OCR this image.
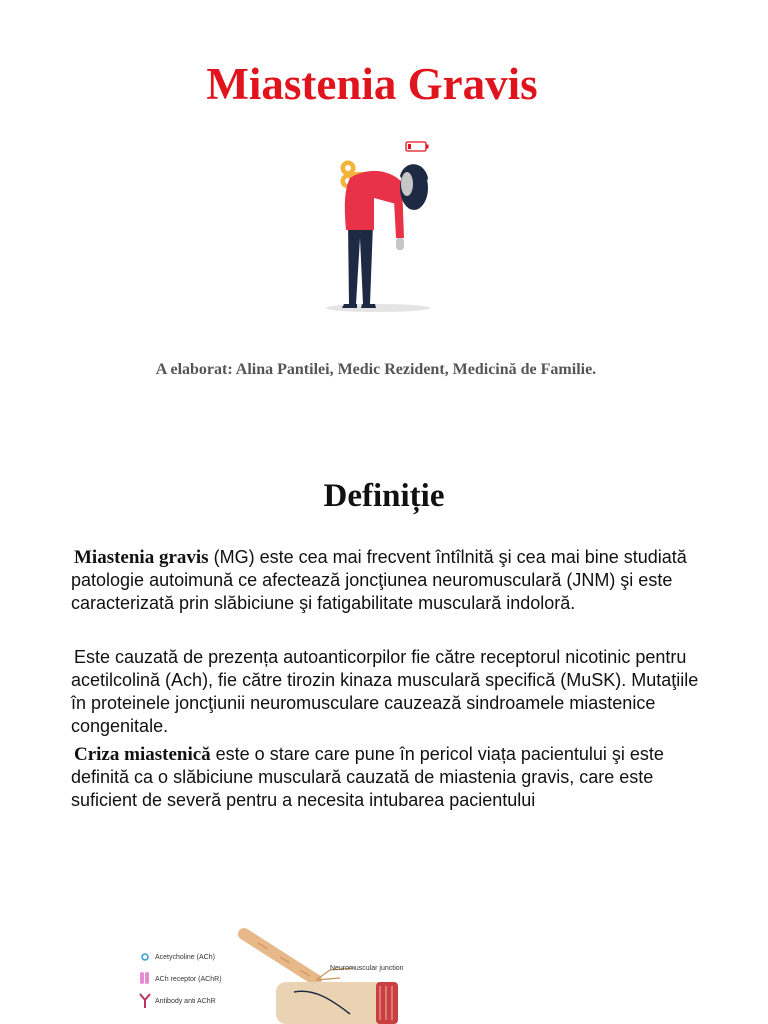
Miastenia Gravis
A elaborat: Alina Pantilei, Medic Rezident, Medicină de Familie.
Definiție

Miastenia gravis (MG) este cea mai frecvent întîlnită şi cea mai bine studiată patologie autoimună ce afectează joncţiunea neuromusculară (JNM) şi este caracterizată prin slăbiciune şi fatigabilitate musculară indoloră.

Este cauzată de prezența autoanticorpilor fie către receptorul nicotinic pentru acetilcolină (Ach), fie către tirozin kinaza musculară specifică (MuSK). Mutaţiile în proteinele joncţiunii neuromusculare cauzează sindroamele miastenice congenitale.

Criza miastenică este o stare care pune în pericol viața pacientului şi este definită ca o slăbiciune musculară cauzată de miastenia gravis, care este suficient de severă pentru a necesita intubarea pacientului

Acetycholine (ACh)
ACh receptor (AChR)
Antibody anti AChR
Neuromuscular junction
